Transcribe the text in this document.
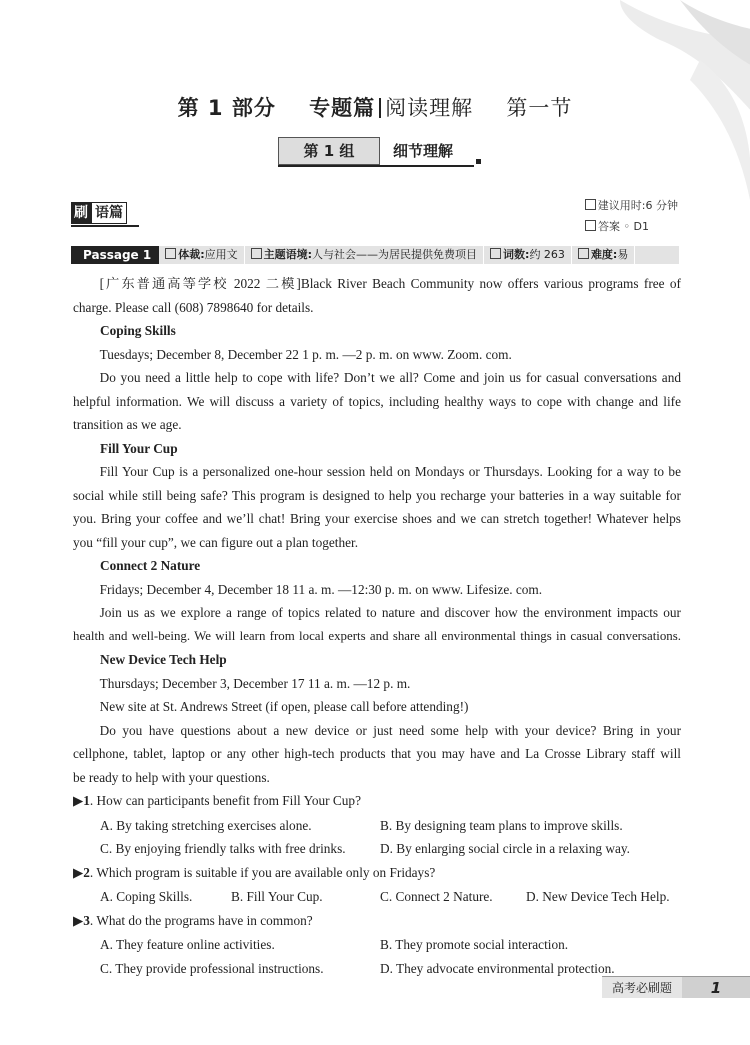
第 1 部分 专题篇 阅读理解 第一节
第 1 组	细节理解
刷 语篇	建议用时:6 分钟
答案 ◦ D1
Passage 1	体裁:应用文	主题语境:人与社会——为居民提供免费项目	词数:约 263	难度:易

[广东普通高等学校 2022 二模]Black River Beach Community now offers various programs free of

charge. Please call (608) 7898640 for details.

Coping Skills

Tuesdays; December 8, December 22 1 p. m. —2 p. m. on www. Zoom. com.

Do you need a little help to cope with life? Don’t we all? Come and join us for casual conversations and

helpful information. We will discuss a variety of topics, including healthy ways to cope with change and life

transition as we age.

Fill Your Cup

Fill Your Cup is a personalized one-hour session held on Mondays or Thursdays. Looking for a way to be

social while still being safe? This program is designed to help you recharge your batteries in a way suitable for

you. Bring your coffee and we’ll chat! Bring your exercise shoes and we can stretch together! Whatever helps

you “fill your cup”, we can figure out a plan together.

Connect 2 Nature

Fridays; December 4, December 18 11 a. m. —12:30 p. m. on www. Lifesize. com.

Join us as we explore a range of topics related to nature and discover how the environment impacts our

health and well-being. We will learn from local experts and share all environmental things in casual conversations.

New Device Tech Help

Thursdays; December 3, December 17 11 a. m. —12 p. m.

New site at St. Andrews Street (if open, please call before attending!)

Do you have questions about a new device or just need some help with your device? Bring in your

cellphone, tablet, laptop or any other high-tech products that you may have and La Crosse Library staff will

be ready to help with your questions.

▶1. How can participants benefit from Fill Your Cup?

A. By taking stretching exercises alone.	B. By designing team plans to improve skills.
C. By enjoying friendly talks with free drinks.	D. By enlarging social circle in a relaxing way.

▶2. Which program is suitable if you are available only on Fridays?

A. Coping Skills.	B. Fill Your Cup.	C. Connect 2 Nature.	D. New Device Tech Help.

▶3. What do the programs have in common?

A. They feature online activities.	B. They promote social interaction.
C. They provide professional instructions.	D. They advocate environmental protection.
高考必刷题	1
